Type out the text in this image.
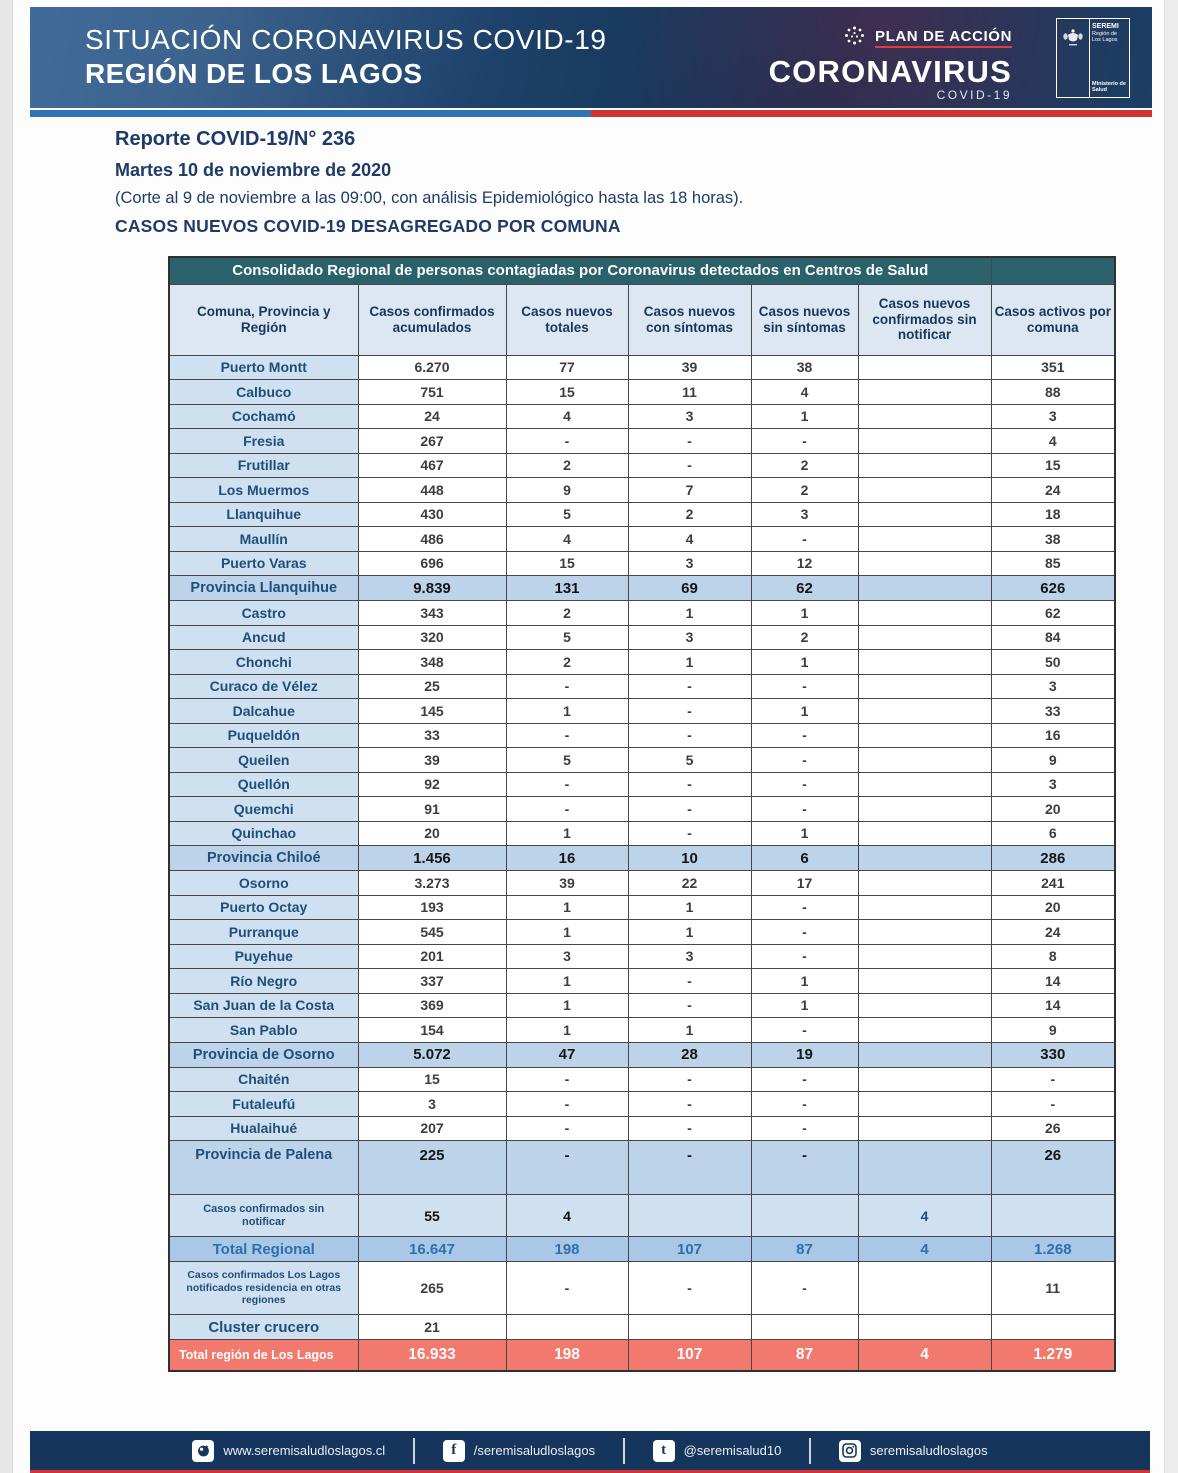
SITUACIÓN CORONAVIRUS COVID-19
REGIÓN DE LOS LAGOS
PLAN DE ACCIÓN
CORONAVIRUS
COVID-19
SEREMI
Región de Los Lagos
Ministerio de Salud
Reporte COVID-19/N° 236
Martes 10 de noviembre de 2020

(Corte al 9 de noviembre a las 09:00, con análisis Epidemiológico hasta las 18 horas).

CASOS NUEVOS COVID-19 DESAGREGADO POR COMUNA
Consolidado Regional de personas contagiadas por Coronavirus detectados en Centros de Salud						
Comuna, Provincia y Región	Casos confirmados acumulados	Casos nuevos totales	Casos nuevos con síntomas	Casos nuevos sin síntomas	Casos nuevos confirmados sin notificar	Casos activos por comuna
Puerto Montt	6.270	77	39	38		351
Calbuco	751	15	11	4		88
Cochamó	24	4	3	1		3
Fresia	267	-	-	-		4
Frutillar	467	2	-	2		15
Los Muermos	448	9	7	2		24
Llanquihue	430	5	2	3		18
Maullín	486	4	4	-		38
Puerto Varas	696	15	3	12		85
Provincia Llanquihue	9.839	131	69	62		626
Castro	343	2	1	1		62
Ancud	320	5	3	2		84
Chonchi	348	2	1	1		50
Curaco de Vélez	25	-	-	-		3
Dalcahue	145	1	-	1		33
Puqueldón	33	-	-	-		16
Queilen	39	5	5	-		9
Quellón	92	-	-	-		3
Quemchi	91	-	-	-		20
Quinchao	20	1	-	1		6
Provincia Chiloé	1.456	16	10	6		286
Osorno	3.273	39	22	17		241
Puerto Octay	193	1	1	-		20
Purranque	545	1	1	-		24
Puyehue	201	3	3	-		8
Río Negro	337	1	-	1		14
San Juan de la Costa	369	1	-	1		14
San Pablo	154	1	1	-		9
Provincia de Osorno	5.072	47	28	19		330
Chaitén	15	-	-	-		-
Futaleufú	3	-	-	-		-
Hualaihué	207	-	-	-		26
Provincia de Palena	225	-	-	-		26
Casos confirmados sin notificar	55	4			4	
Total Regional	16.647	198	107	87	4	1.268
Casos confirmados Los Lagos notificados residencia en otras regiones	265	-	-	-		11
Cluster crucero	21					
Total región de Los Lagos	16.933	198	107	87	4	1.279
www.seremisaludloslagos.cl	f /seremisaludloslagos	t @seremisalud10	seremisaludloslagos
